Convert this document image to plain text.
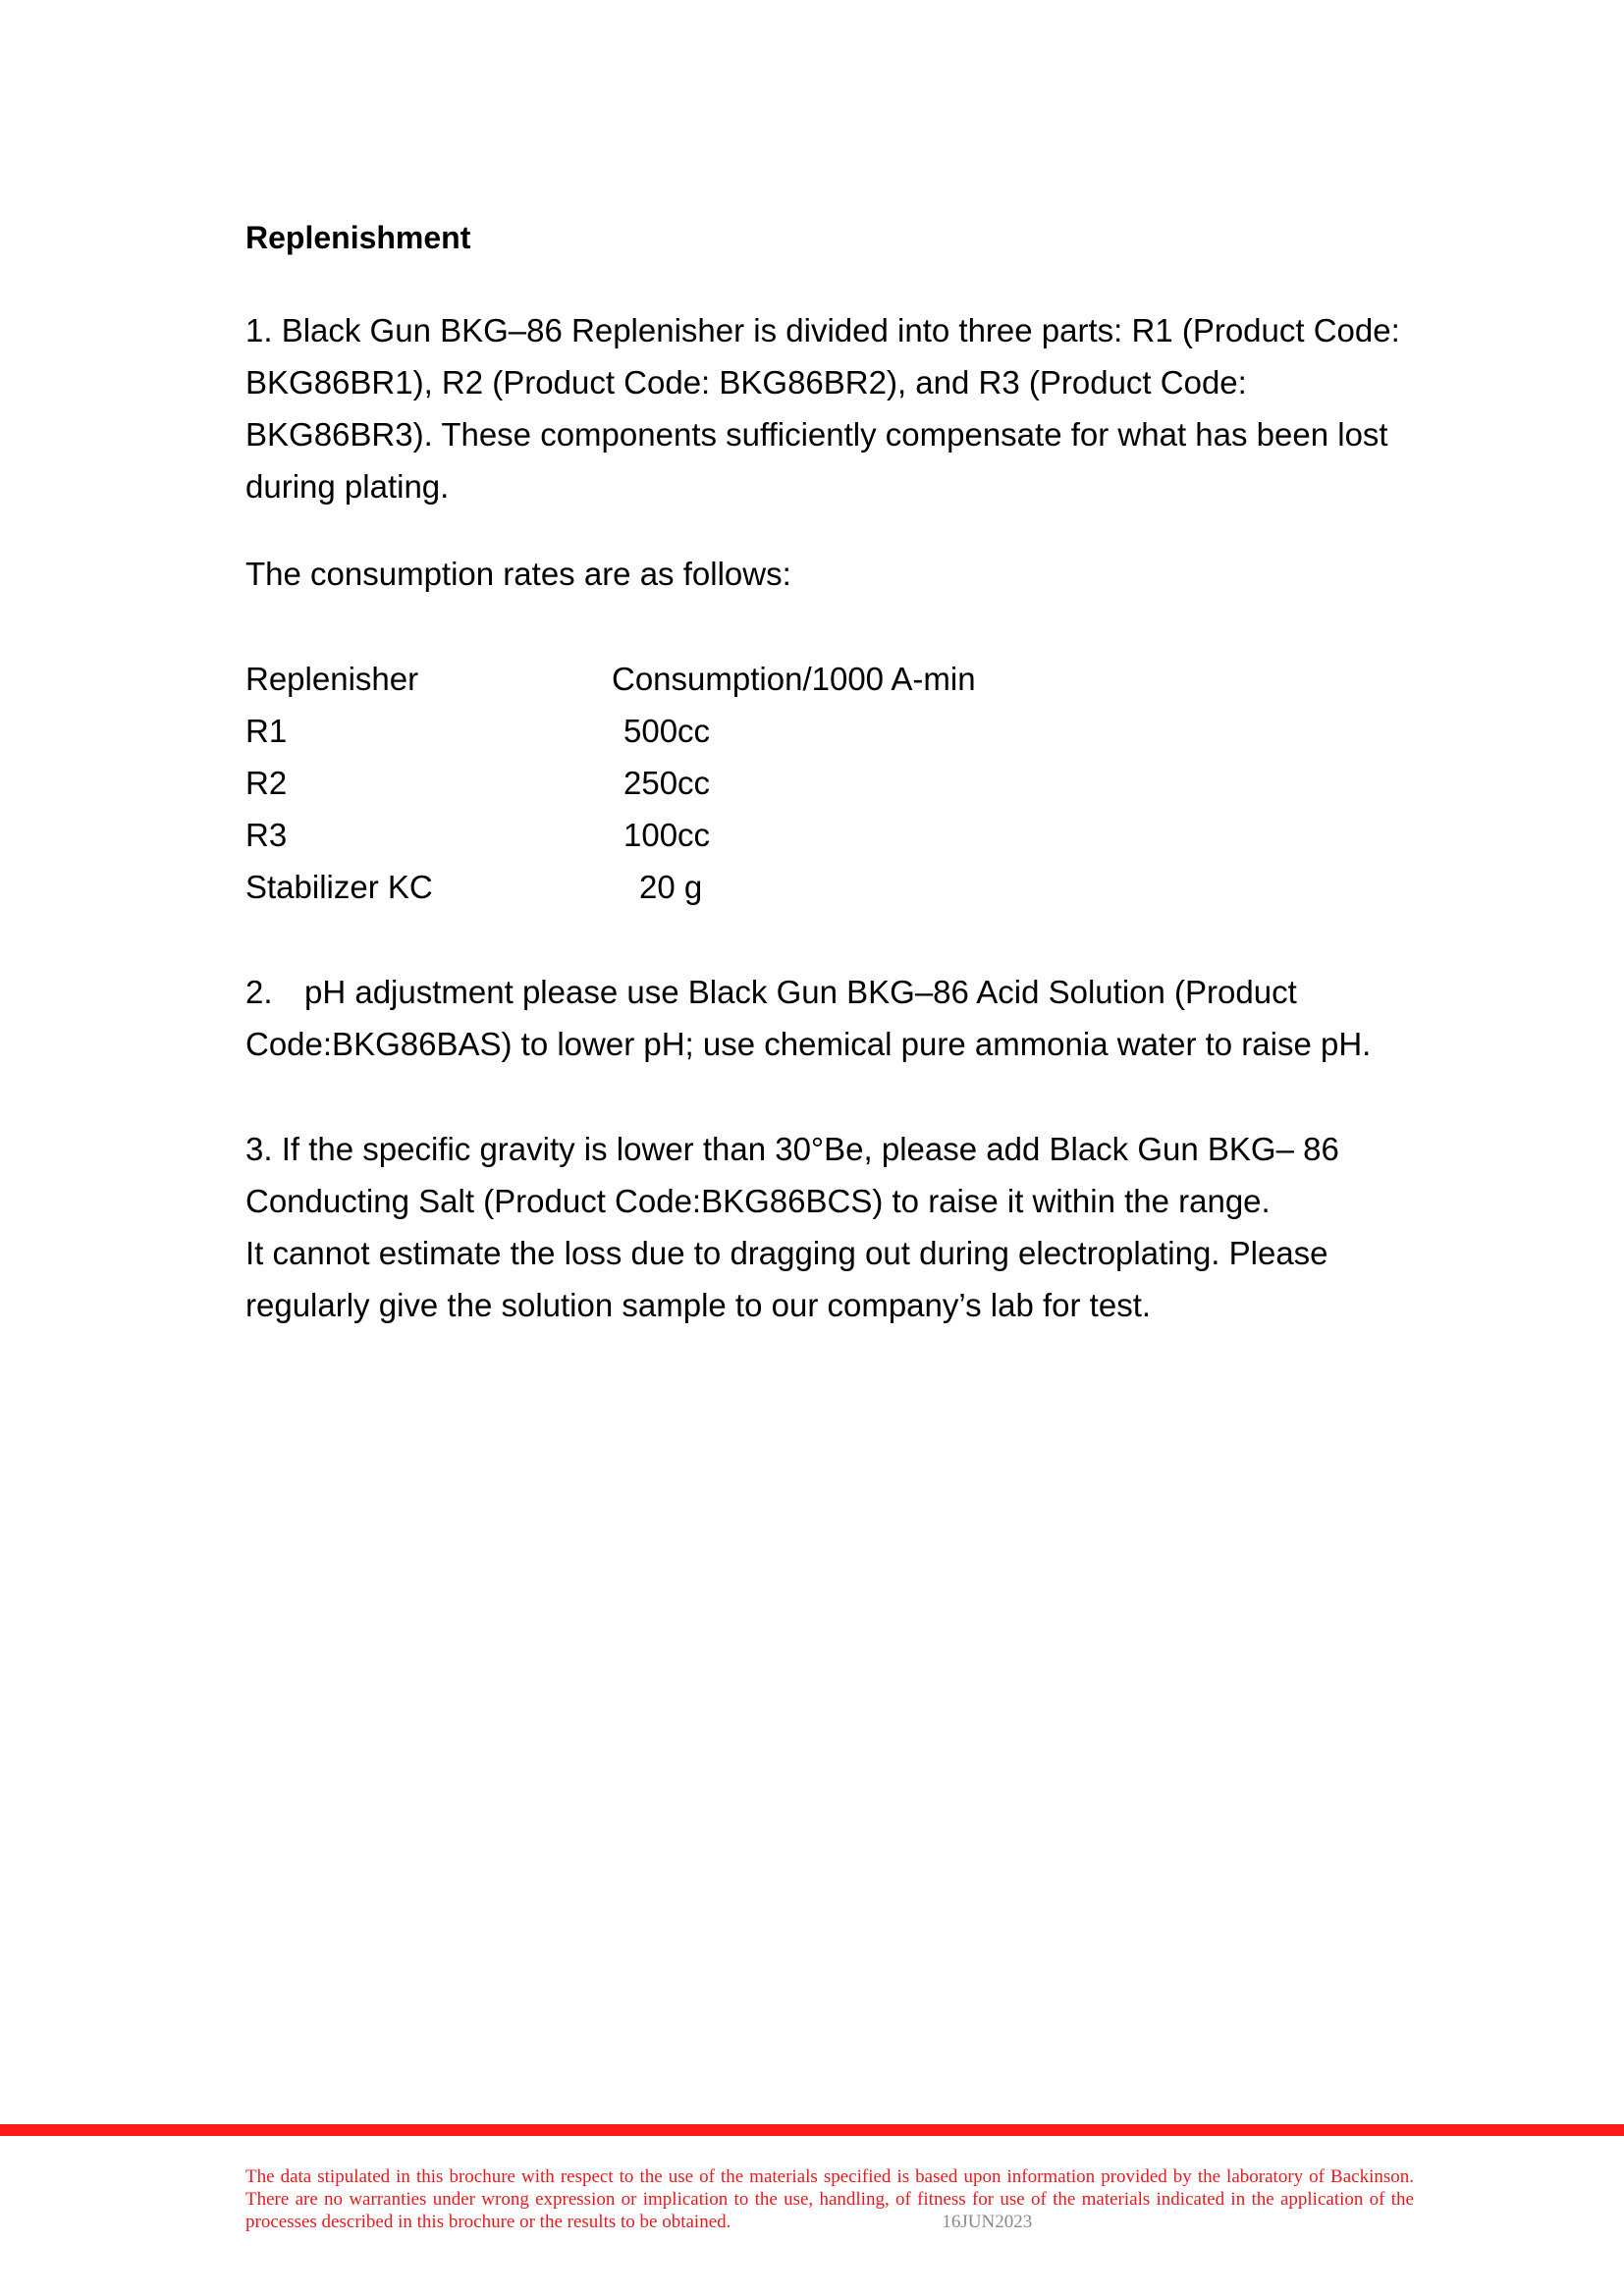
Replenishment

1. Black Gun BKG–86 Replenisher is divided into three parts: R1 (Product Code: BKG86BR1), R2 (Product Code: BKG86BR2), and R3 (Product Code: BKG86BR3). These components sufficiently compensate for what has been lost during plating.

The consumption rates are as follows:

Replenisher	Consumption/1000 A-min
R1	500cc
R2	250cc
R3	100cc
Stabilizer KC	20 g

2. pH adjustment please use Black Gun BKG–86 Acid Solution (Product Code:BKG86BAS) to lower pH; use chemical pure ammonia water to raise pH.

3. If the specific gravity is lower than 30°Be, please add Black Gun BKG– 86 Conducting Salt (Product Code:BKG86BCS) to raise it within the range.
It cannot estimate the loss due to dragging out during electroplating. Please regularly give the solution sample to our company’s lab for test.

The data stipulated in this brochure with respect to the use of the materials specified is based upon information provided by the laboratory of Backinson. There are no warranties under wrong expression or implication to the use, handling, of fitness for use of the materials indicated in the application of the processes described in this brochure or the results to be obtained.	16JUN2023
